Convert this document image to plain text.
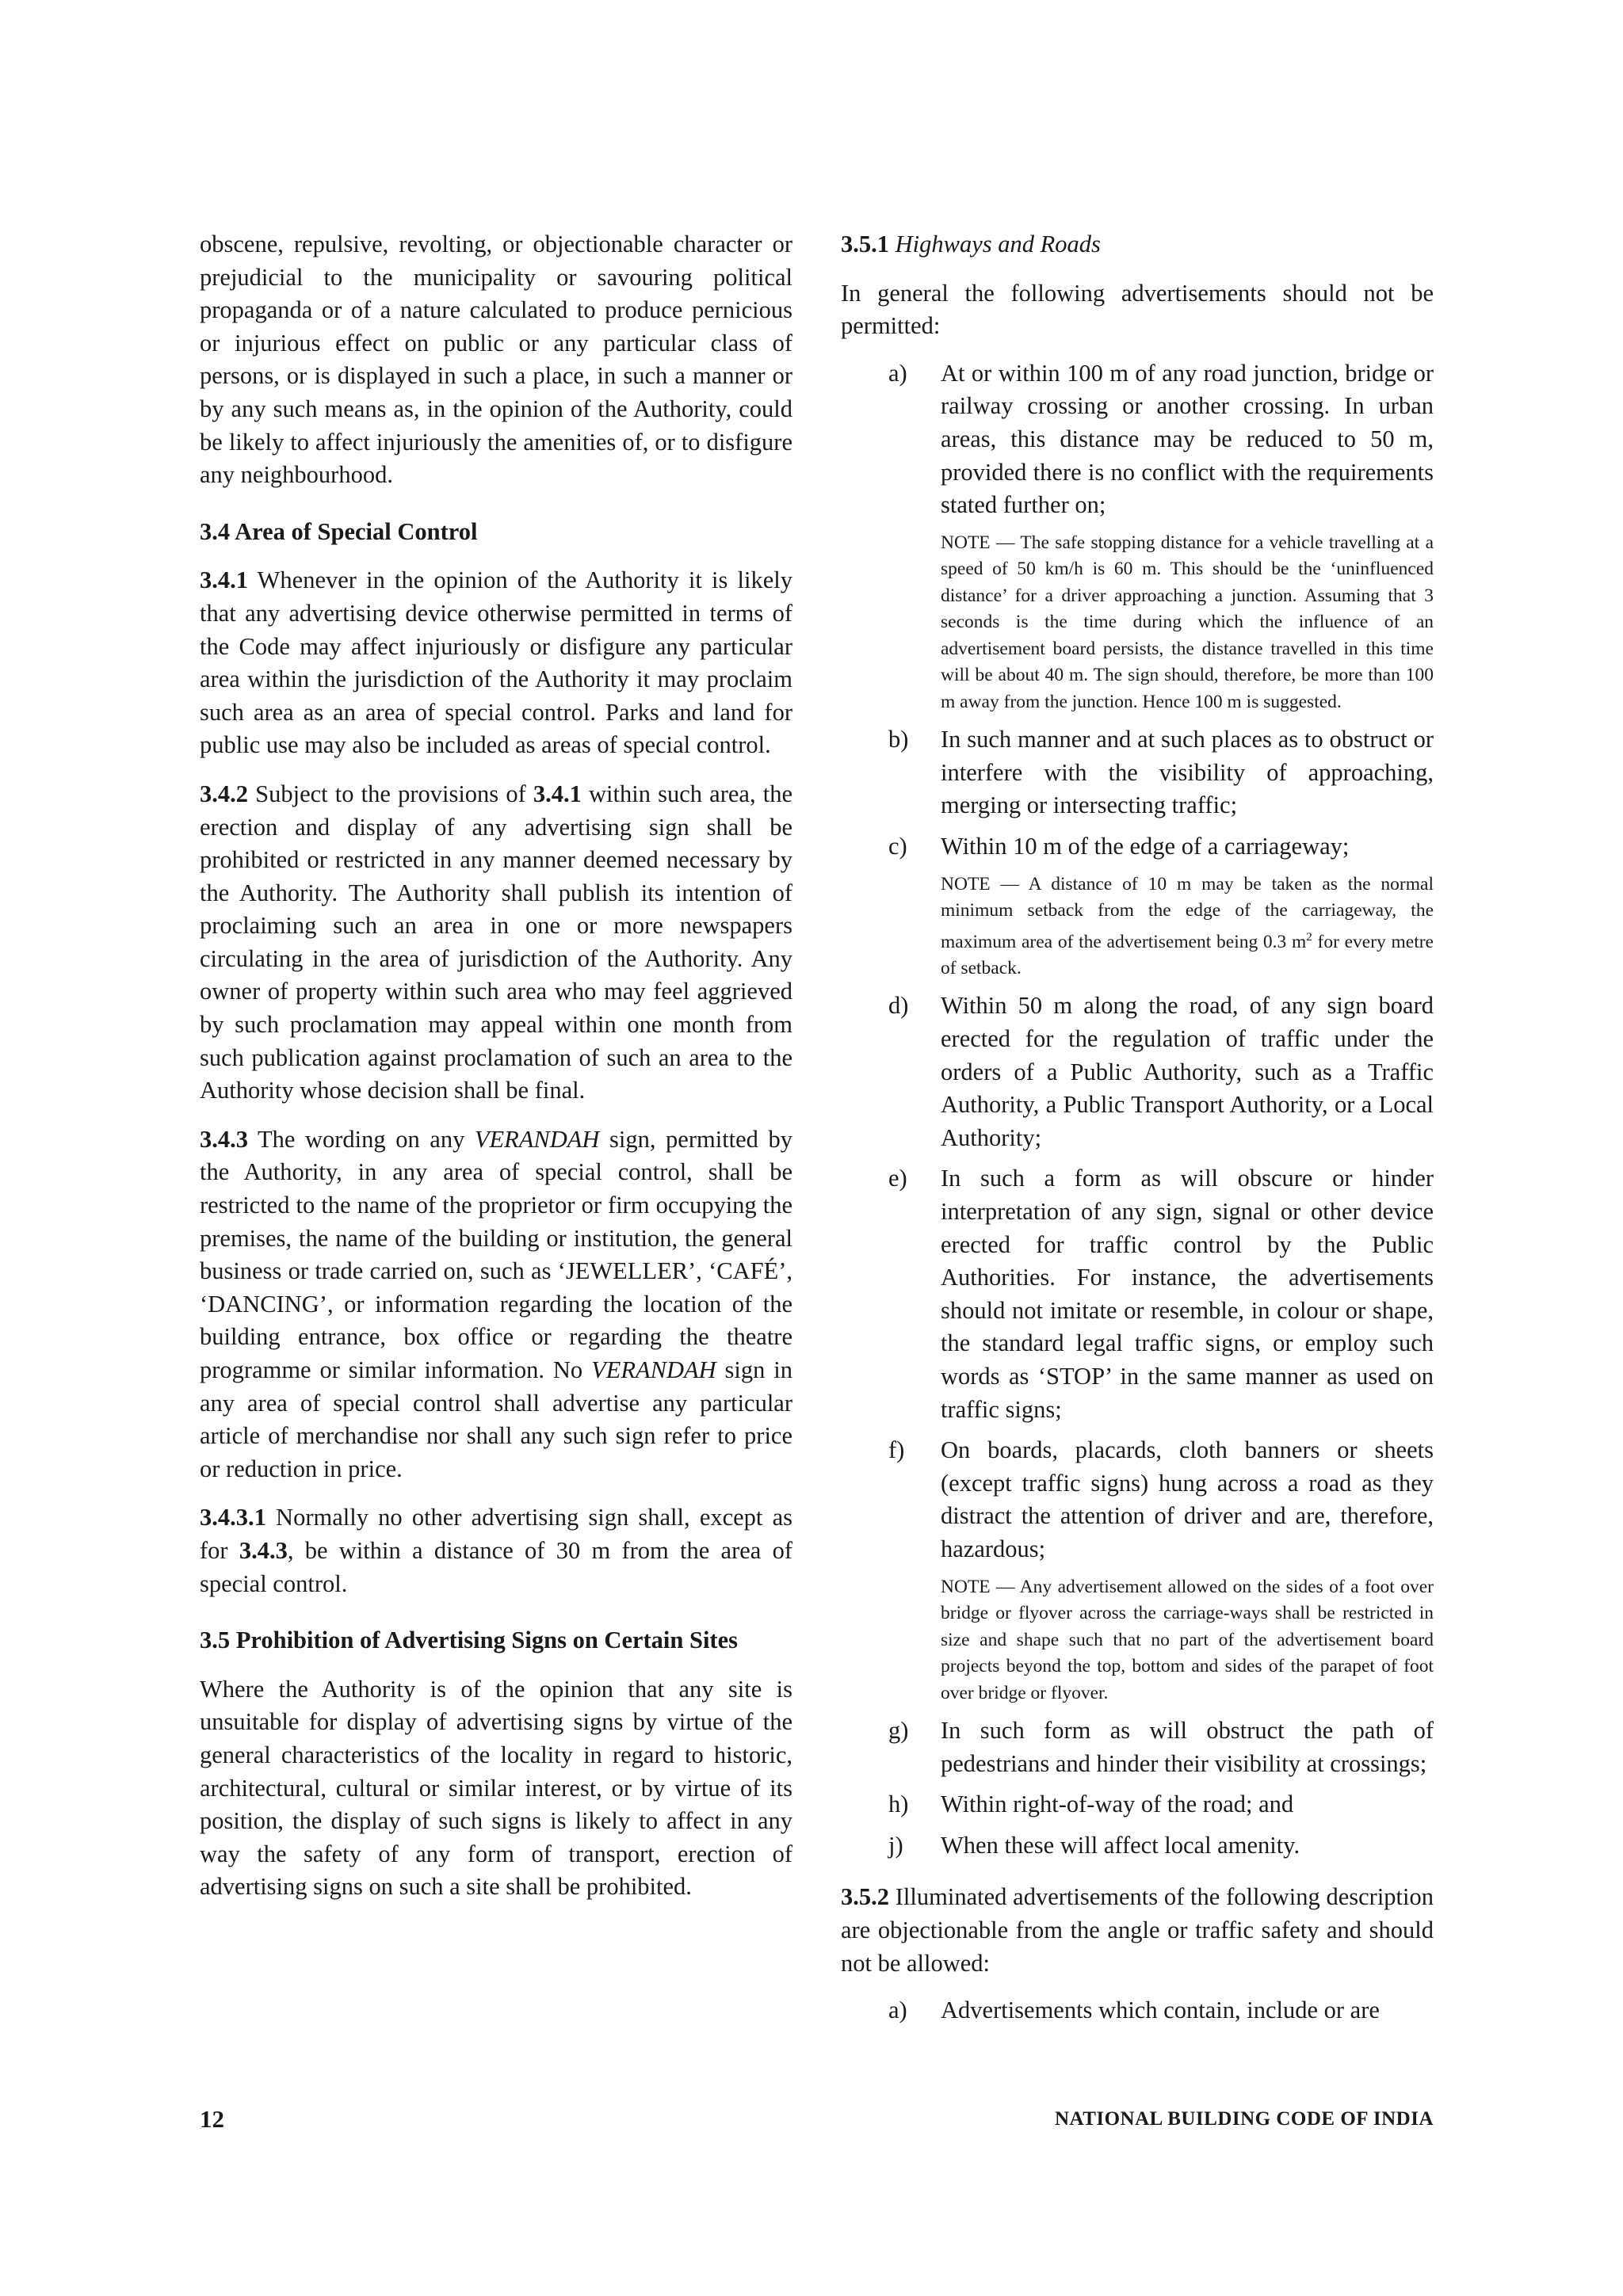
obscene, repulsive, revolting, or objectionable character or prejudicial to the municipality or savouring political propaganda or of a nature calculated to produce pernicious or injurious effect on public or any particular class of persons, or is displayed in such a place, in such a manner or by any such means as, in the opinion of the Authority, could be likely to affect injuriously the amenities of, or to disfigure any neighbourhood.

3.4 Area of Special Control

3.4.1 Whenever in the opinion of the Authority it is likely that any advertising device otherwise permitted in terms of the Code may affect injuriously or disfigure any particular area within the jurisdiction of the Authority it may proclaim such area as an area of special control. Parks and land for public use may also be included as areas of special control.

3.4.2 Subject to the provisions of 3.4.1 within such area, the erection and display of any advertising sign shall be prohibited or restricted in any manner deemed necessary by the Authority. The Authority shall publish its intention of proclaiming such an area in one or more newspapers circulating in the area of jurisdiction of the Authority. Any owner of property within such area who may feel aggrieved by such proclamation may appeal within one month from such publication against proclamation of such an area to the Authority whose decision shall be final.

3.4.3 The wording on any VERANDAH sign, permitted by the Authority, in any area of special control, shall be restricted to the name of the proprietor or firm occupying the premises, the name of the building or institution, the general business or trade carried on, such as ‘JEWELLER’, ‘CAFÉ’, ‘DANCING’, or information regarding the location of the building entrance, box office or regarding the theatre programme or similar information. No VERANDAH sign in any area of special control shall advertise any particular article of merchandise nor shall any such sign refer to price or reduction in price.

3.4.3.1 Normally no other advertising sign shall, except as for 3.4.3, be within a distance of 30 m from the area of special control.

3.5 Prohibition of Advertising Signs on Certain Sites

Where the Authority is of the opinion that any site is unsuitable for display of advertising signs by virtue of the general characteristics of the locality in regard to historic, architectural, cultural or similar interest, or by virtue of its position, the display of such signs is likely to affect in any way the safety of any form of transport, erection of advertising signs on such a site shall be prohibited.

3.5.1 Highways and Roads

In general the following advertisements should not be permitted:

a)	At or within 100 m of any road junction, bridge or railway crossing or another crossing. In urban areas, this distance may be reduced to 50 m, provided there is no conflict with the requirements stated further on;
NOTE — The safe stopping distance for a vehicle travelling at a speed of 50 km/h is 60 m. This should be the ‘uninfluenced distance’ for a driver approaching a junction. Assuming that 3 seconds is the time during which the influence of an advertisement board persists, the distance travelled in this time will be about 40 m. The sign should, therefore, be more than 100 m away from the junction. Hence 100 m is suggested.
b)	In such manner and at such places as to obstruct or interfere with the visibility of approaching, merging or intersecting traffic;
c)	Within 10 m of the edge of a carriageway;
NOTE — A distance of 10 m may be taken as the normal minimum setback from the edge of the carriageway, the maximum area of the advertisement being 0.3 $m^2$ for every metre of setback.
d)	Within 50 m along the road, of any sign board erected for the regulation of traffic under the orders of a Public Authority, such as a Traffic Authority, a Public Transport Authority, or a Local Authority;
e)	In such a form as will obscure or hinder interpretation of any sign, signal or other device erected for traffic control by the Public Authorities. For instance, the advertisements should not imitate or resemble, in colour or shape, the standard legal traffic signs, or employ such words as ‘STOP’ in the same manner as used on traffic signs;
f)	On boards, placards, cloth banners or sheets (except traffic signs) hung across a road as they distract the attention of driver and are, therefore, hazardous;
NOTE — Any advertisement allowed on the sides of a foot over bridge or flyover across the carriage-ways shall be restricted in size and shape such that no part of the advertisement board projects beyond the top, bottom and sides of the parapet of foot over bridge or flyover.
g)	In such form as will obstruct the path of pedestrians and hinder their visibility at crossings;
h)	Within right-of-way of the road; and
j)	When these will affect local amenity.

3.5.2 Illuminated advertisements of the following description are objectionable from the angle or traffic safety and should not be allowed:

a)	Advertisements which contain, include or are
12	NATIONAL BUILDING CODE OF INDIA
